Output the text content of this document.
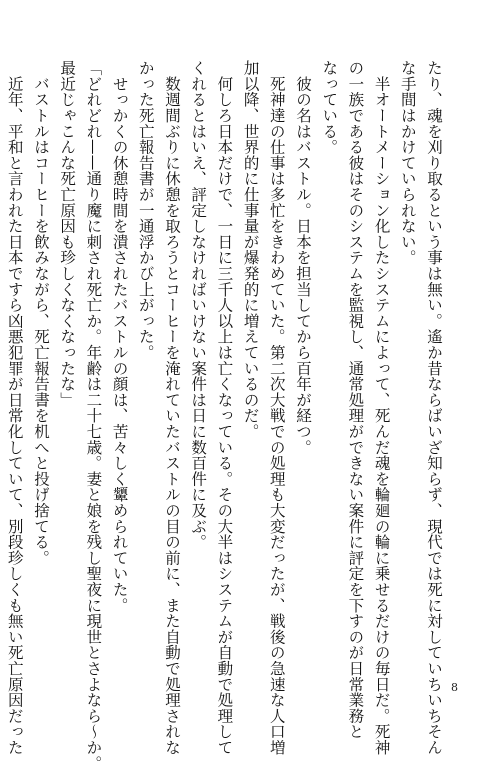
たり、魂を刈り取るという事は無い。遙か昔ならばいざ知らず、現代では死に対していちいちそん
な手間はかけていられない。
　半オートメーション化したシステムによって、死んだ魂を輪廻の輪に乗せるだけの毎日だ。死神
の一族である彼はそのシステムを監視し、通常処理ができない案件に評定を下すのが日常業務と
なっている。
　彼の名はバストル。日本を担当してから百年が経つ。
　死神達の仕事は多忙をきわめていた。第二次大戦での処理も大変だったが、戦後の急速な人口増
加以降、世界的に仕事量が爆発的に増えているのだ。
　何しろ日本だけで、一日に三千人以上は亡くなっている。その大半はシステムが自動で処理して
くれるとはいえ、評定しなければいけない案件は日に数百件に及ぶ。
　数週間ぶりに休憩を取ろうとコーヒーを淹れていたバストルの目の前に、また自動で処理されな
かった死亡報告書が一通浮かび上がった。
　せっかくの休憩時間を潰されたバストルの顔は、苦々しく顰められていた。
「どれどれ——通り魔に刺され死亡か。年齢は二十七歳。妻と娘を残し聖夜に現世とさよなら〜か。
最近じゃこんな死亡原因も珍しくなくなったな」
　バストルはコーヒーを飲みながら、死亡報告書を机へと投げ捨てる。
　近年、平和と言われた日本ですら凶悪犯罪が日常化していて、別段珍しくも無い死亡原因だった	8
